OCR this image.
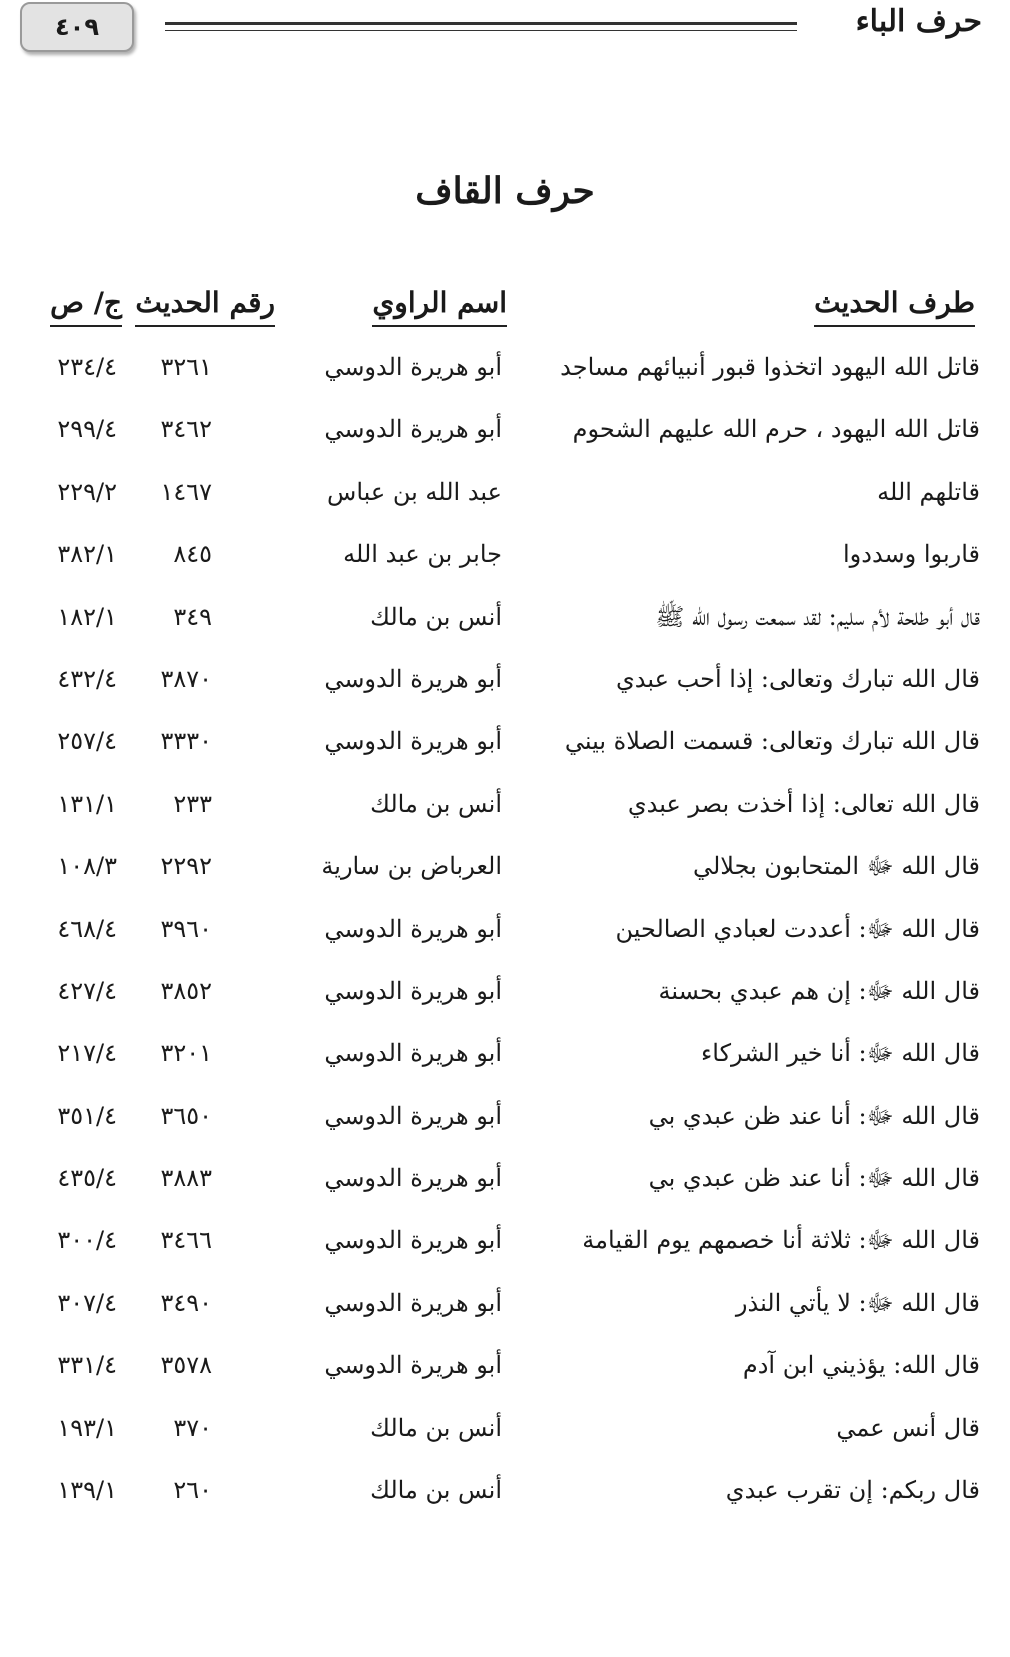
حرف الباء
٤٠٩
حرف القاف
طرف الحديث
اسم الراوي
رقم الحديث
ج/ ص
قاتل الله اليهود اتخذوا قبور أنبيائهم مساجد
أبو هريرة الدوسي
٣٢٦١
٢٣٤/٤
قاتل الله اليهود ، حرم الله عليهم الشحوم
أبو هريرة الدوسي
٣٤٦٢
٢٩٩/٤
قاتلهم الله
عبد الله بن عباس
١٤٦٧
٢٢٩/٢
قاربوا وسددوا
جابر بن عبد الله
٨٤٥
٣٨٢/١
قال أبو طلحة لأم سليم: لقد سمعت رسول الله ﷺ
أنس بن مالك
٣٤٩
١٨٢/١
قال الله تبارك وتعالى: إذا أحب عبدي
أبو هريرة الدوسي
٣٨٧٠
٤٣٢/٤
قال الله تبارك وتعالى: قسمت الصلاة بيني
أبو هريرة الدوسي
٣٣٣٠
٢٥٧/٤
قال الله تعالى: إذا أخذت بصر عبدي
أنس بن مالك
٢٣٣
١٣١/١
قال الله ﷻ المتحابون بجلالي
العرباض بن سارية
٢٢٩٢
١٠٨/٣
قال الله ﷻ: أعددت لعبادي الصالحين
أبو هريرة الدوسي
٣٩٦٠
٤٦٨/٤
قال الله ﷻ: إن هم عبدي بحسنة
أبو هريرة الدوسي
٣٨٥٢
٤٢٧/٤
قال الله ﷻ: أنا خير الشركاء
أبو هريرة الدوسي
٣٢٠١
٢١٧/٤
قال الله ﷻ: أنا عند ظن عبدي بي
أبو هريرة الدوسي
٣٦٥٠
٣٥١/٤
قال الله ﷻ: أنا عند ظن عبدي بي
أبو هريرة الدوسي
٣٨٨٣
٤٣٥/٤
قال الله ﷻ: ثلاثة أنا خصمهم يوم القيامة
أبو هريرة الدوسي
٣٤٦٦
٣٠٠/٤
قال الله ﷻ: لا يأتي النذر
أبو هريرة الدوسي
٣٤٩٠
٣٠٧/٤
قال الله: يؤذيني ابن آدم
أبو هريرة الدوسي
٣٥٧٨
٣٣١/٤
قال أنس عمي
أنس بن مالك
٣٧٠
١٩٣/١
قال ربكم: إن تقرب عبدي
أنس بن مالك
٢٦٠
١٣٩/١
